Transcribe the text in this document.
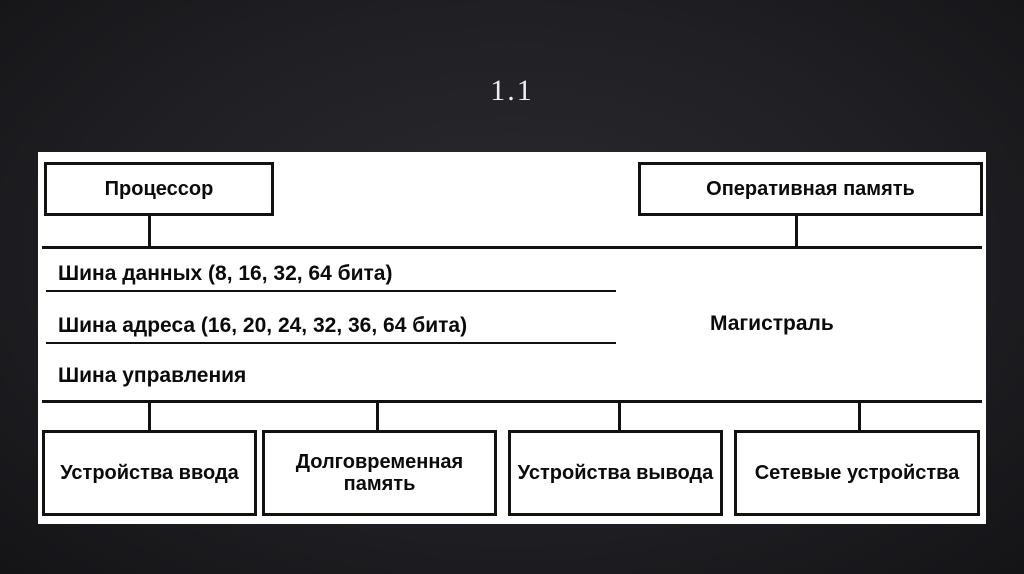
1.1
Процессор	Оперативная память
Шина данных (8, 16, 32, 64 бита)
Шина адреса (16, 20, 24, 32, 36, 64 бита)
Шина управления
Магистраль
Устройства ввода
Долговременная память
Устройства вывода Сетевые устройства
